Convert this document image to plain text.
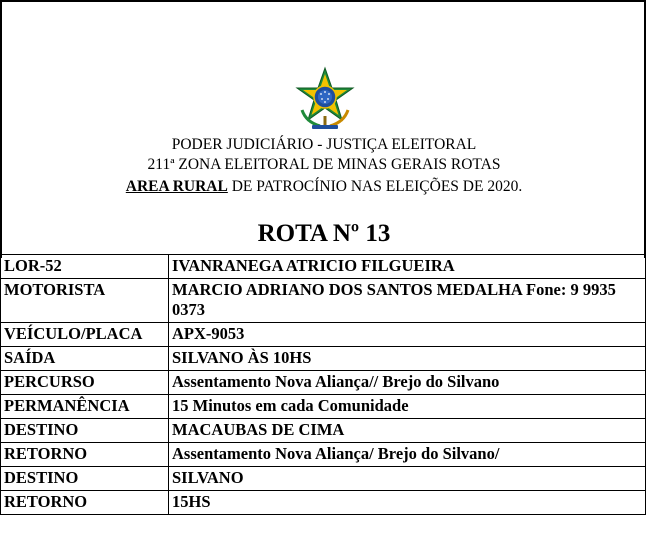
PODER JUDICIÁRIO - JUSTIÇA ELEITORAL
211ª ZONA ELEITORAL DE MINAS GERAIS ROTAS
AREA RURAL DE PATROCÍNIO NAS ELEIÇÕES DE 2020.
ROTA Nº 13
LOR-52	IVANRANEGA ATRICIO FILGUEIRA
MOTORISTA	MARCIO ADRIANO DOS SANTOS MEDALHA Fone: 9 9935 0373
VEÍCULO/PLACA	APX-9053
SAÍDA	SILVANO ÀS 10HS
PERCURSO	Assentamento Nova Aliança// Brejo do Silvano
PERMANÊNCIA	15 Minutos em cada Comunidade
DESTINO	MACAUBAS DE CIMA
RETORNO	Assentamento Nova Aliança/ Brejo do Silvano/
DESTINO	SILVANO
RETORNO	15HS
